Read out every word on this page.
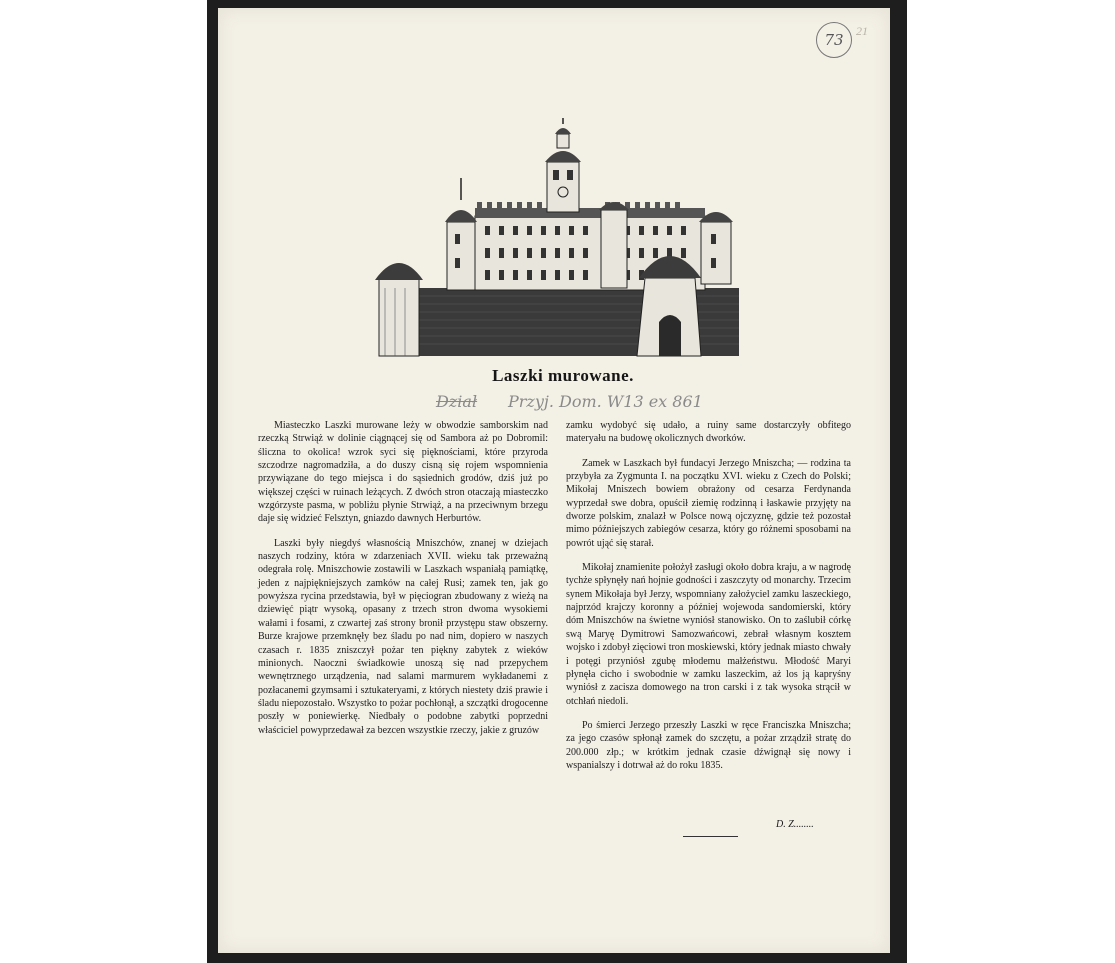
73	21
Laszki murowane.
Dział Przyj. Dom. W13 ex 861

Miasteczko Laszki murowane leży w obwodzie samborskim nad rzeczką Strwiąż w dolinie ciągnącej się od Sambora aż po Dobromil: śliczna to okolica! wzrok syci się pięknościami, które przyroda szczodrze nagromadziła, a do duszy cisną się rojem wspomnienia przywiązane do tego miejsca i do sąsiednich grodów, dziś już po większej części w ruinach leżących. Z dwóch stron otaczają miasteczko wzgórzyste pasma, w pobliżu płynie Strwiąż, a na przeciwnym brzegu daje się widzieć Felsztyn, gniazdo dawnych Herburtów.

Laszki były niegdyś własnością Mniszchów, znanej w dziejach naszych rodziny, która w zdarzeniach XVII. wieku tak przeważną odegrała rolę. Mniszchowie zostawili w Laszkach wspaniałą pamiątkę, jeden z najpiękniejszych zamków na całej Rusi; zamek ten, jak go powyższa rycina przedstawia, był w pięciogran zbudowany z wieżą na dziewięć piątr wysoką, opasany z trzech stron dwoma wysokiemi wałami i fosami, z czwartej zaś strony bronił przystępu staw obszerny. Burze krajowe przemknęły bez śladu po nad nim, dopiero w naszych czasach r. 1835 zniszczył pożar ten piękny zabytek z wieków minionych. Naoczni świadkowie unoszą się nad przepychem wewnętrznego urządzenia, nad salami marmurem wykładanemi z pozłacanemi gzymsami i sztukateryami, z których niestety dziś prawie i śladu niepozostało. Wszystko to pożar pochłonął, a szczątki drogocenne poszły w poniewierkę. Niedbały o podobne zabytki poprzedni właściciel powyprzedawał za bezcen wszystkie rzeczy, jakie z gruzów

zamku wydobyć się udało, a ruiny same dostarczyły obfitego materyału na budowę okolicznych dworków.

Zamek w Laszkach był fundacyi Jerzego Mniszcha; — rodzina ta przybyła za Zygmunta I. na początku XVI. wieku z Czech do Polski; Mikołaj Mniszech bowiem obrażony od cesarza Ferdynanda wyprzedał swe dobra, opuścił ziemię rodzinną i łaskawie przyjęty na dworze polskim, znalazł w Polsce nową ojczyznę, gdzie też pozostał mimo późniejszych zabiegów cesarza, który go różnemi sposobami na powrót ująć się starał.

Mikołaj znamienite położył zasługi około dobra kraju, a w nagrodę tychże spłynęły nań hojnie godności i zaszczyty od monarchy. Trzecim synem Mikołaja był Jerzy, wspomniany założyciel zamku laszeckiego, najprzód krajczy koronny a później wojewoda sandomierski, który dóm Mniszchów na świetne wyniósł stanowisko. On to zaślubił córkę swą Maryę Dymitrowi Samozwańcowi, zebrał własnym kosztem wojsko i zdobył zięciowi tron moskiewski, który jednak miasto chwały i potęgi przyniósł zgubę młodemu małżeństwu. Młodość Maryi płynęła cicho i swobodnie w zamku laszeckim, aż los ją kapryśny wyniósł z zacisza domowego na tron carski i z tak wysoka strącił w otchłań niedoli.

Po śmierci Jerzego przeszły Laszki w ręce Franciszka Mniszcha; za jego czasów spłonął zamek do szczętu, a pożar zrządził stratę do 200.000 złp.; w krótkim jednak czasie dźwignął się nowy i wspanialszy i dotrwał aż do roku 1835.

D. Z........
